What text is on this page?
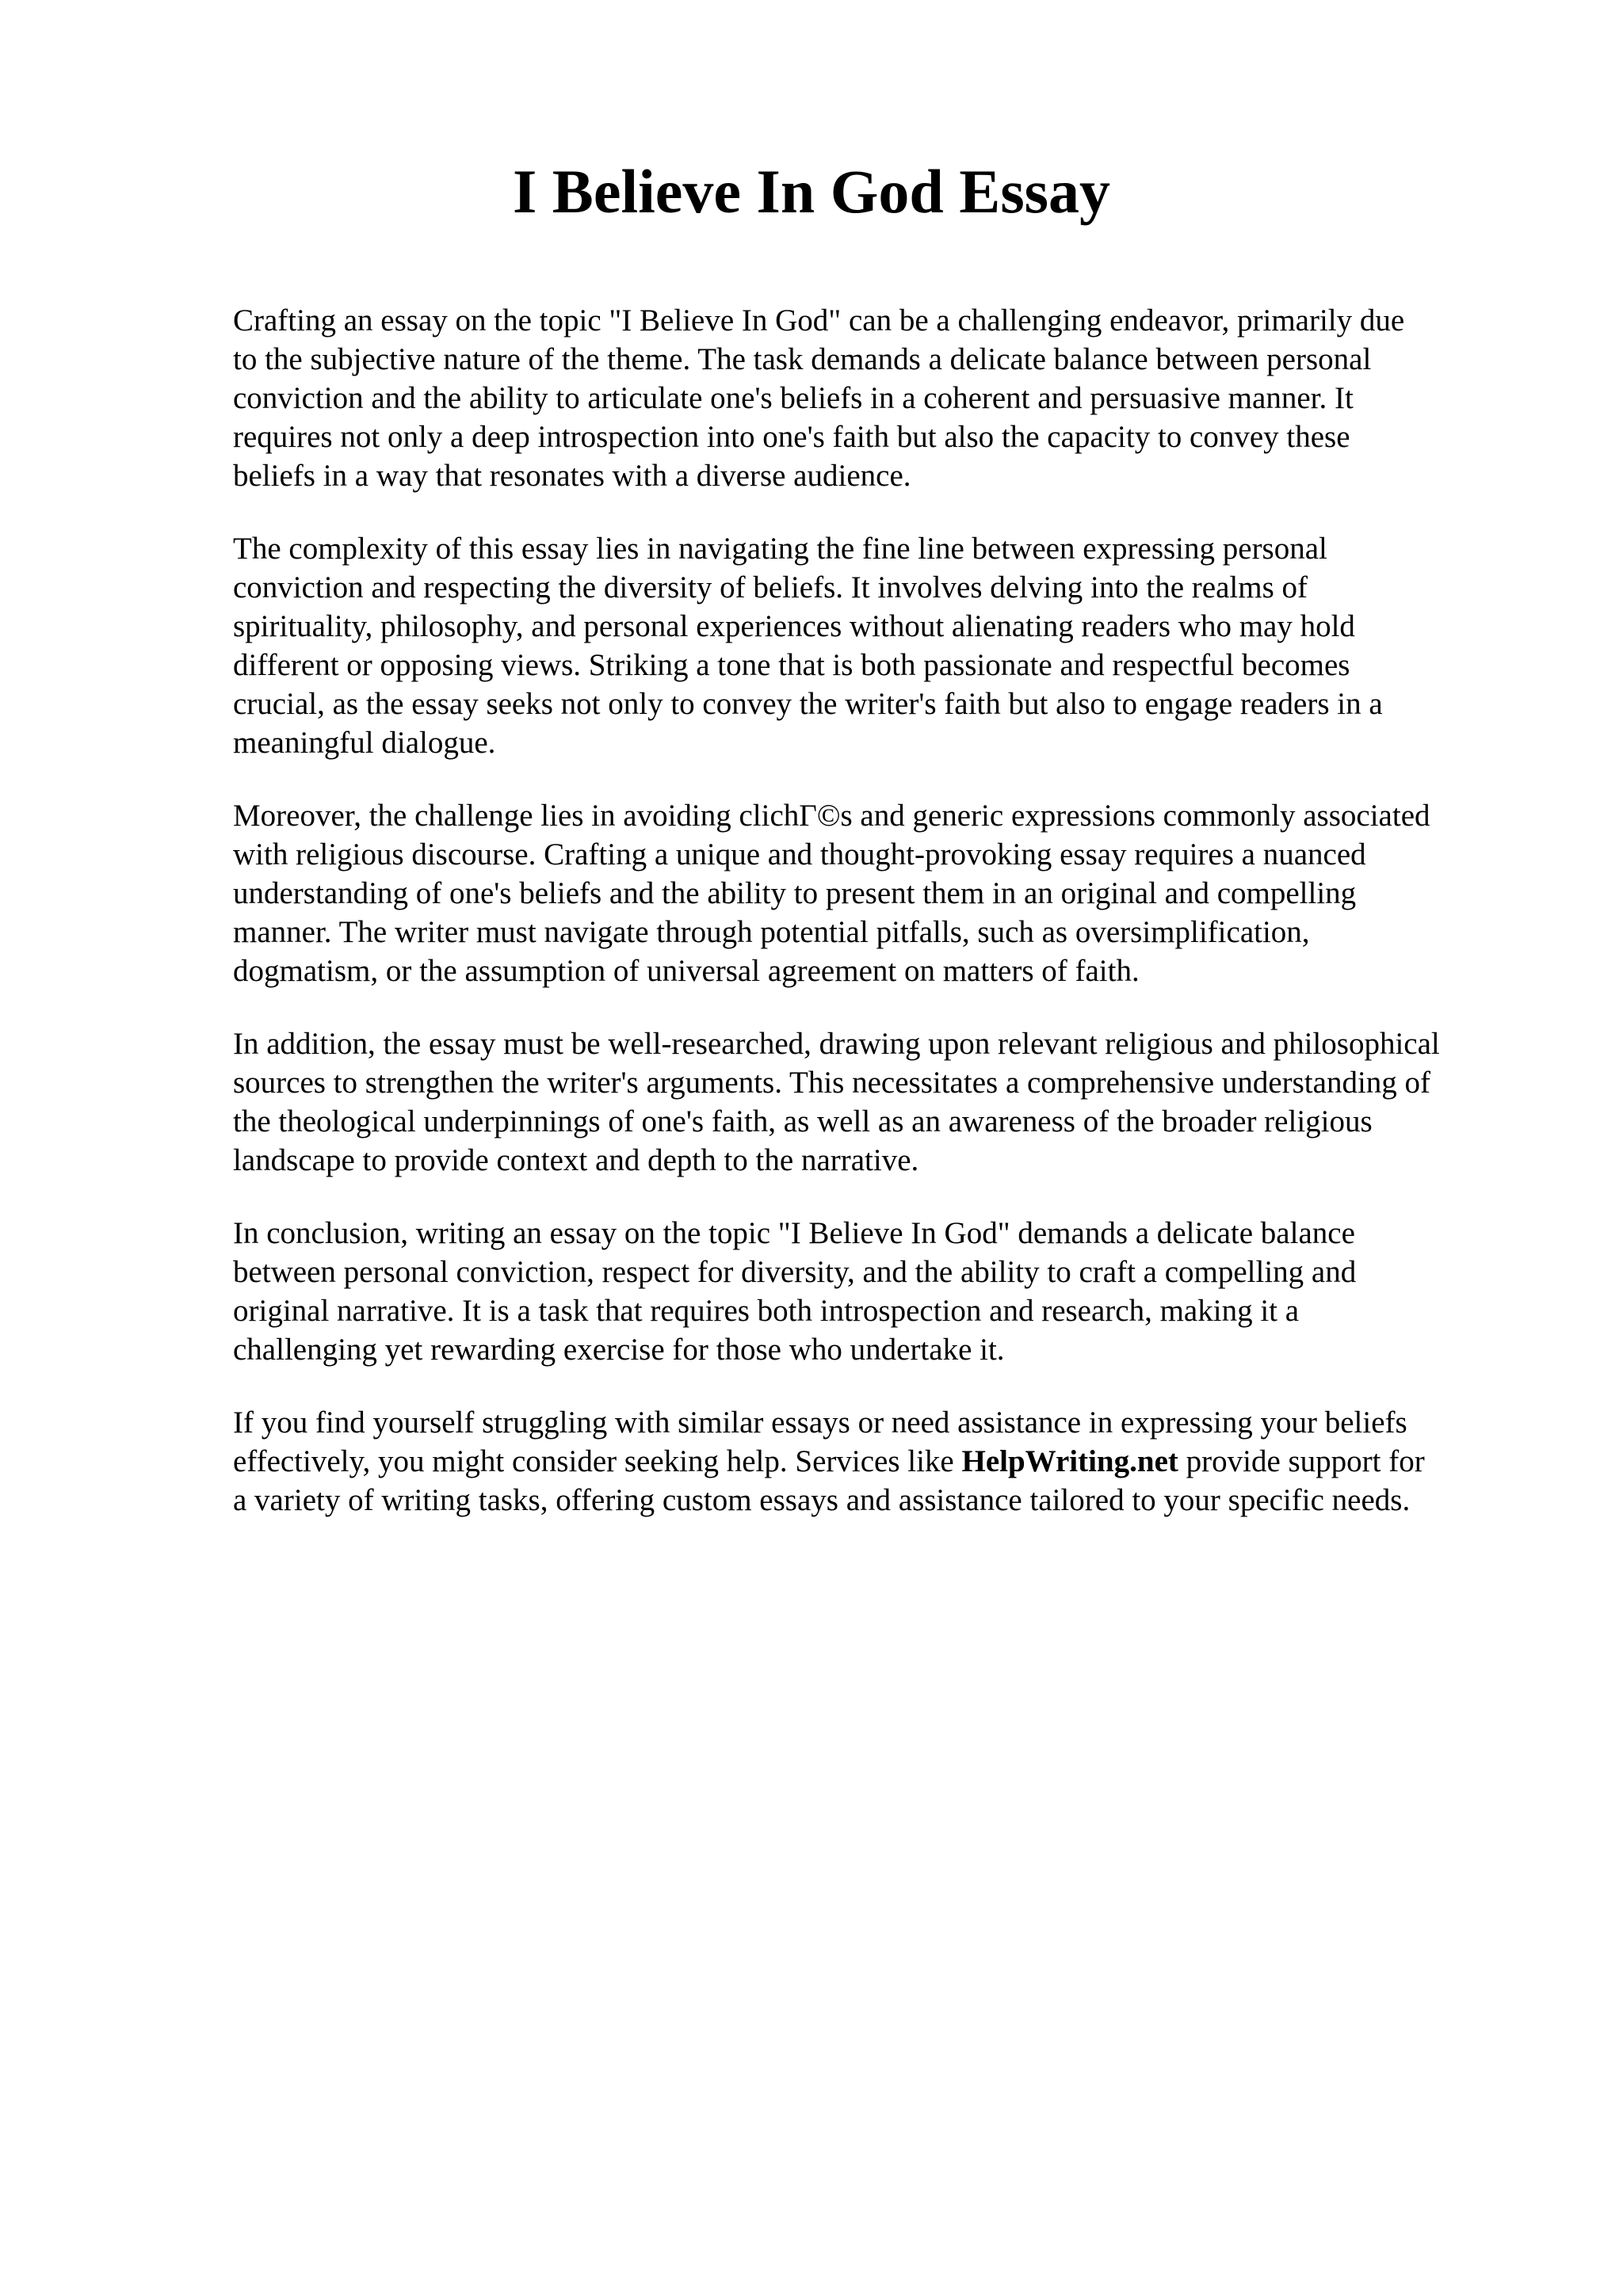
I Believe In God Essay

Crafting an essay on the topic "I Believe In God" can be a challenging endeavor, primarily due
to the subjective nature of the theme. The task demands a delicate balance between personal
conviction and the ability to articulate one's beliefs in a coherent and persuasive manner. It
requires not only a deep introspection into one's faith but also the capacity to convey these
beliefs in a way that resonates with a diverse audience.

The complexity of this essay lies in navigating the fine line between expressing personal
conviction and respecting the diversity of beliefs. It involves delving into the realms of
spirituality, philosophy, and personal experiences without alienating readers who may hold
different or opposing views. Striking a tone that is both passionate and respectful becomes
crucial, as the essay seeks not only to convey the writer's faith but also to engage readers in a
meaningful dialogue.

Moreover, the challenge lies in avoiding clichΓ©s and generic expressions commonly associated
with religious discourse. Crafting a unique and thought-provoking essay requires a nuanced
understanding of one's beliefs and the ability to present them in an original and compelling
manner. The writer must navigate through potential pitfalls, such as oversimplification,
dogmatism, or the assumption of universal agreement on matters of faith.

In addition, the essay must be well-researched, drawing upon relevant religious and philosophical
sources to strengthen the writer's arguments. This necessitates a comprehensive understanding of
the theological underpinnings of one's faith, as well as an awareness of the broader religious
landscape to provide context and depth to the narrative.

In conclusion, writing an essay on the topic "I Believe In God" demands a delicate balance
between personal conviction, respect for diversity, and the ability to craft a compelling and
original narrative. It is a task that requires both introspection and research, making it a
challenging yet rewarding exercise for those who undertake it.

If you find yourself struggling with similar essays or need assistance in expressing your beliefs
effectively, you might consider seeking help. Services like HelpWriting.net provide support for
a variety of writing tasks, offering custom essays and assistance tailored to your specific needs.
